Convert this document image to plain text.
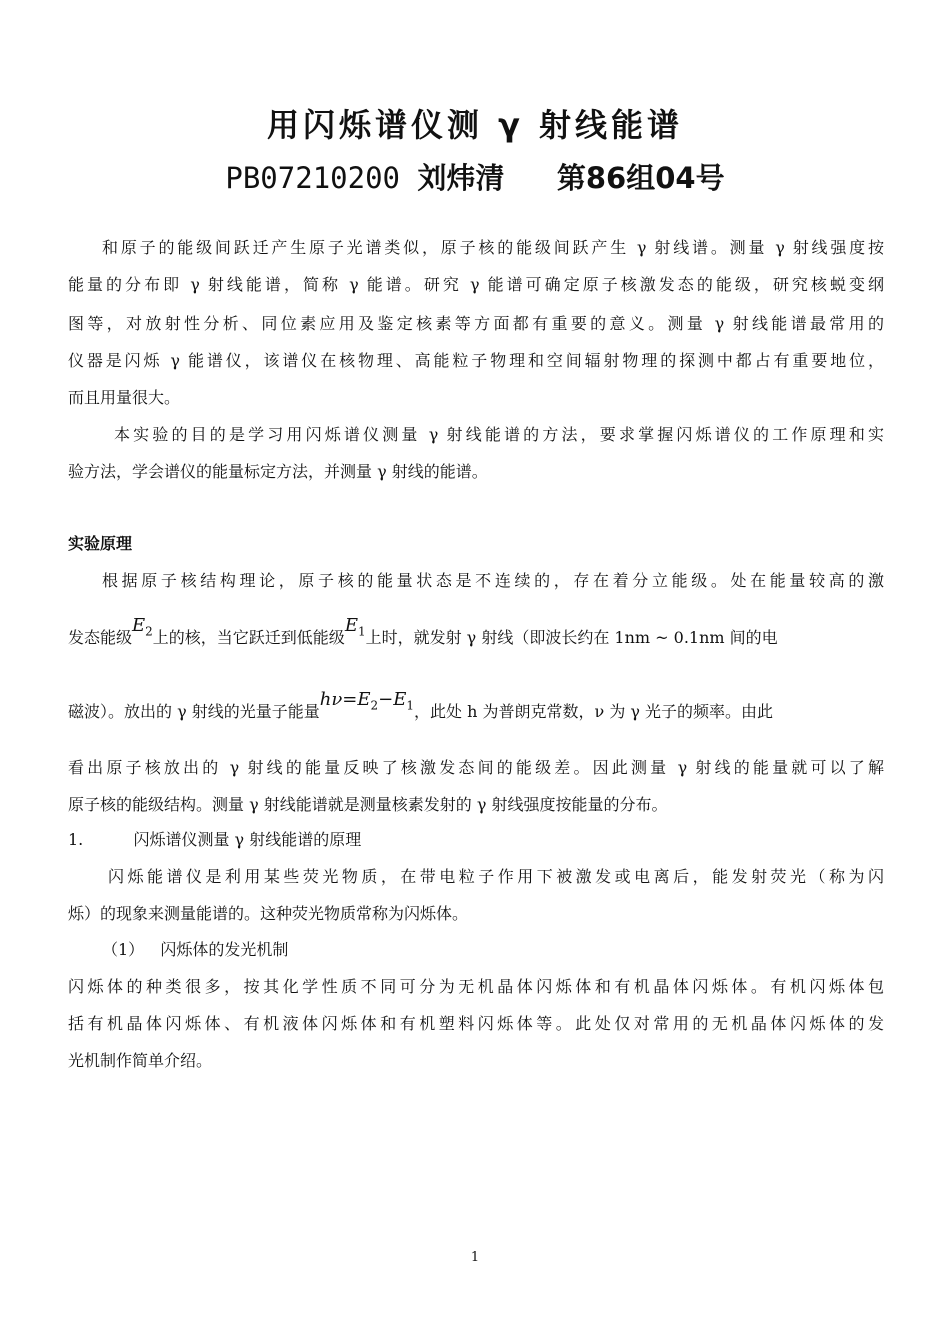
用闪烁谱仪测 γ 射线能谱
PB07210200 刘炜清 第86组04号
和原子的能级间跃迁产生原子光谱类似，原子核的能级间跃产生 γ 射线谱。测量 γ 射线强度按
能量的分布即 γ 射线能谱，简称 γ 能谱。研究 γ 能谱可确定原子核激发态的能级，研究核蜕变纲
图等，对放射性分析、同位素应用及鉴定核素等方面都有重要的意义。测量 γ 射线能谱最常用的
仪器是闪烁 γ 能谱仪，该谱仪在核物理、高能粒子物理和空间辐射物理的探测中都占有重要地位，
而且用量很大。
本实验的目的是学习用闪烁谱仪测量 γ 射线能谱的方法，要求掌握闪烁谱仪的工作原理和实
验方法，学会谱仪的能量标定方法，并测量 γ 射线的能谱。
实验原理
根据原子核结构理论，原子核的能量状态是不连续的，存在着分立能级。处在能量较高的激
发态能级$E_2$上的核，当它跃迁到低能级$E_1$上时，就发射 γ 射线（即波长约在 1nm ~ 0.1nm 间的电
磁波）。放出的 γ 射线的光量子能量$h\nu=E_2-E_1$，此处 h 为普朗克常数，ν 为 γ 光子的频率。由此
看出原子核放出的 γ 射线的能量反映了核激发态间的能级差。因此测量 γ 射线的能量就可以了解
原子核的能级结构。测量 γ 射线能谱就是测量核素发射的 γ 射线强度按能量的分布。
1.	闪烁谱仪测量 γ 射线能谱的原理
闪烁能谱仪是利用某些荧光物质，在带电粒子作用下被激发或电离后，能发射荧光（称为闪
烁）的现象来测量能谱的。这种荧光物质常称为闪烁体。
（1） 闪烁体的发光机制
闪烁体的种类很多，按其化学性质不同可分为无机晶体闪烁体和有机晶体闪烁体。有机闪烁体包
括有机晶体闪烁体、有机液体闪烁体和有机塑料闪烁体等。此处仅对常用的无机晶体闪烁体的发
光机制作简单介绍。
1
